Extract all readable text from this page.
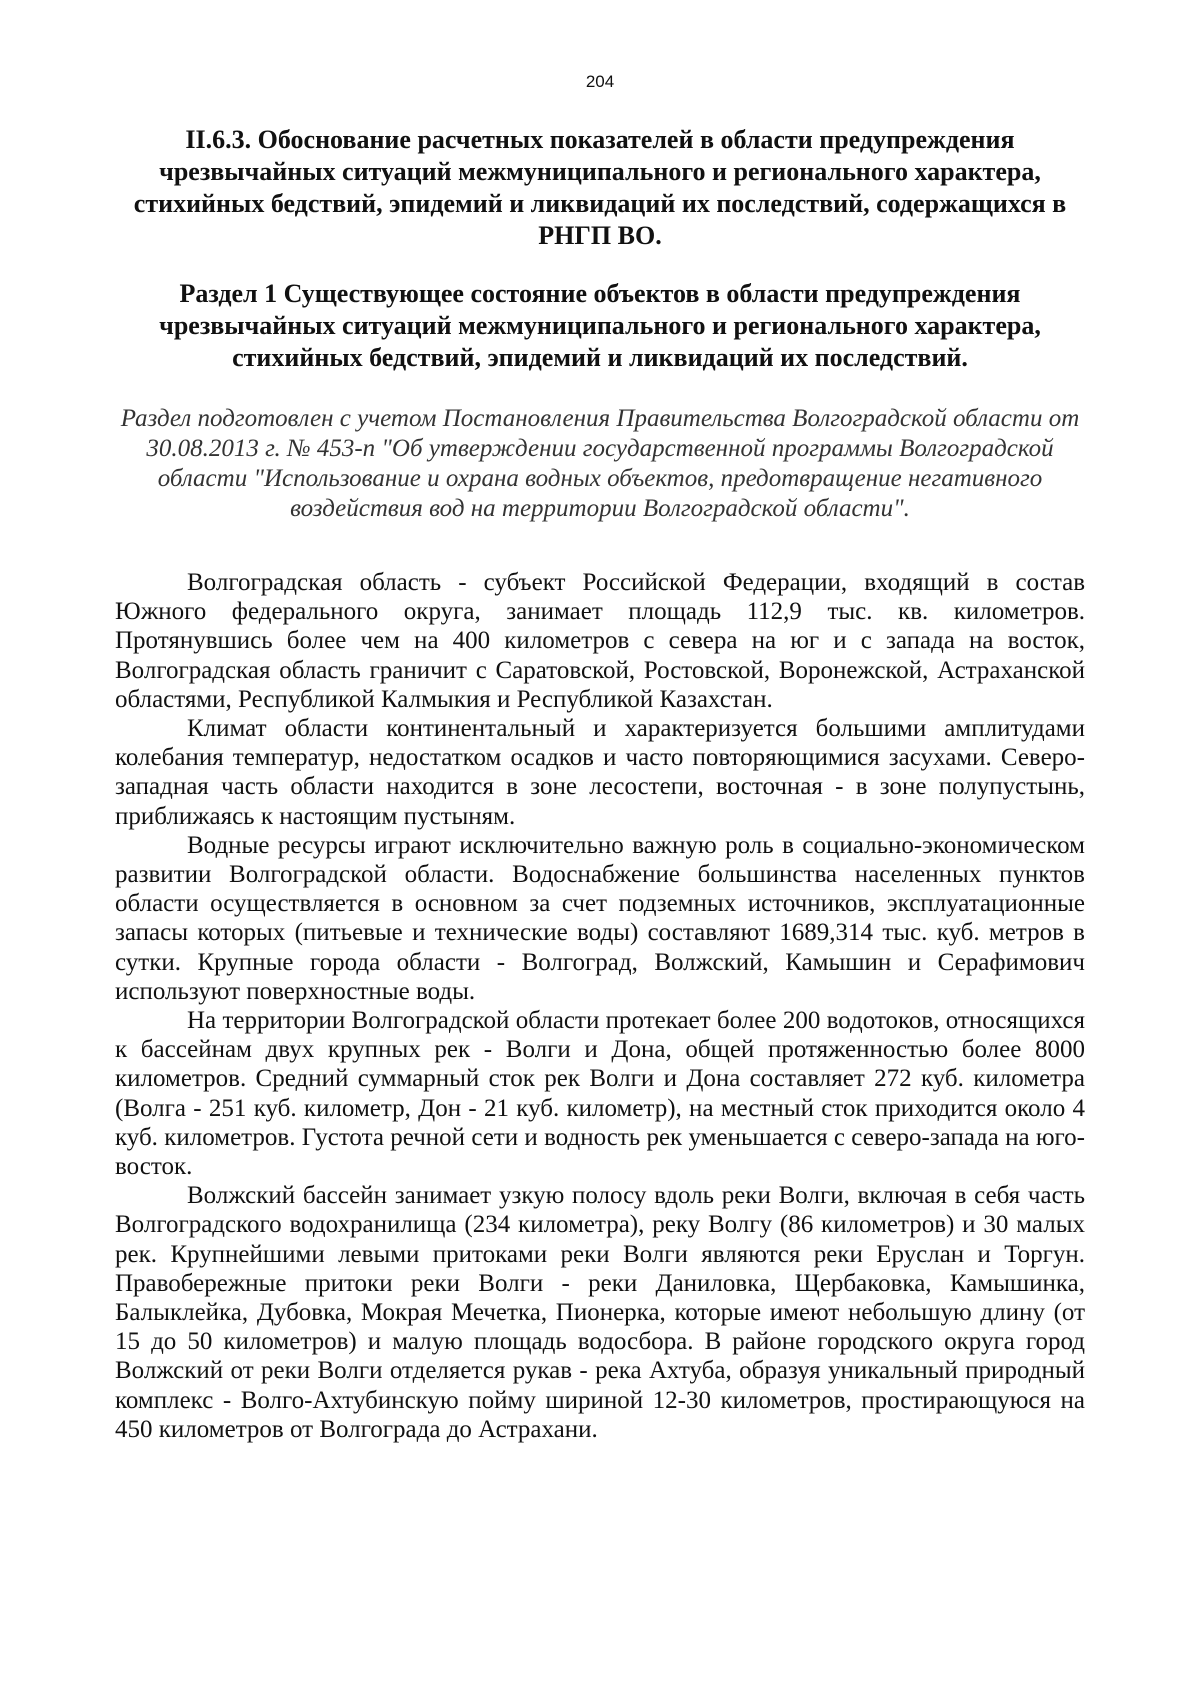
204
II.6.3. Обоснование расчетных показателей в области предупреждения чрезвычайных ситуаций межмуниципального и регионального характера, стихийных бедствий, эпидемий и ликвидаций их последствий, содержащихся в РНГП ВО.
Раздел 1 Существующее состояние объектов в области предупреждения чрезвычайных ситуаций межмуниципального и регионального характера, стихийных бедствий, эпидемий и ликвидаций их последствий.

Раздел подготовлен с учетом Постановления Правительства Волгоградской области от 30.08.2013 г. № 453-п "Об утверждении государственной программы Волгоградской области "Использование и охрана водных объектов, предотвращение негативного воздействия вод на территории Волгоградской области".

Волгоградская область - субъект Российской Федерации, входящий в состав Южного федерального округа, занимает площадь 112,9 тыс. кв. километров. Протянувшись более чем на 400 километров с севера на юг и с запада на восток, Волгоградская область граничит с Саратовской, Ростовской, Воронежской, Астраханской областями, Республикой Калмыкия и Республикой Казахстан.

Климат области континентальный и характеризуется большими амплитудами колебания температур, недостатком осадков и часто повторяющимися засухами. Северо-западная часть области находится в зоне лесостепи, восточная - в зоне полупустынь, приближаясь к настоящим пустыням.

Водные ресурсы играют исключительно важную роль в социально-экономическом развитии Волгоградской области. Водоснабжение большинства населенных пунктов области осуществляется в основном за счет подземных источников, эксплуатационные запасы которых (питьевые и технические воды) составляют 1689,314 тыс. куб. метров в сутки. Крупные города области - Волгоград, Волжский, Камышин и Серафимович используют поверхностные воды.

На территории Волгоградской области протекает более 200 водотоков, относящихся к бассейнам двух крупных рек - Волги и Дона, общей протяженностью более 8000 километров. Средний суммарный сток рек Волги и Дона составляет 272 куб. километра (Волга - 251 куб. километр, Дон - 21 куб. километр), на местный сток приходится около 4 куб. километров. Густота речной сети и водность рек уменьшается с северо-запада на юго-восток.

Волжский бассейн занимает узкую полосу вдоль реки Волги, включая в себя часть Волгоградского водохранилища (234 километра), реку Волгу (86 километров) и 30 малых рек. Крупнейшими левыми притоками реки Волги являются реки Еруслан и Торгун. Правобережные притоки реки Волги - реки Даниловка, Щербаковка, Камышинка, Балыклейка, Дубовка, Мокрая Мечетка, Пионерка, которые имеют небольшую длину (от 15 до 50 километров) и малую площадь водосбора. В районе городского округа город Волжский от реки Волги отделяется рукав - река Ахтуба, образуя уникальный природный комплекс - Волго-Ахтубинскую пойму шириной 12-30 километров, простирающуюся на 450 километров от Волгограда до Астрахани.
